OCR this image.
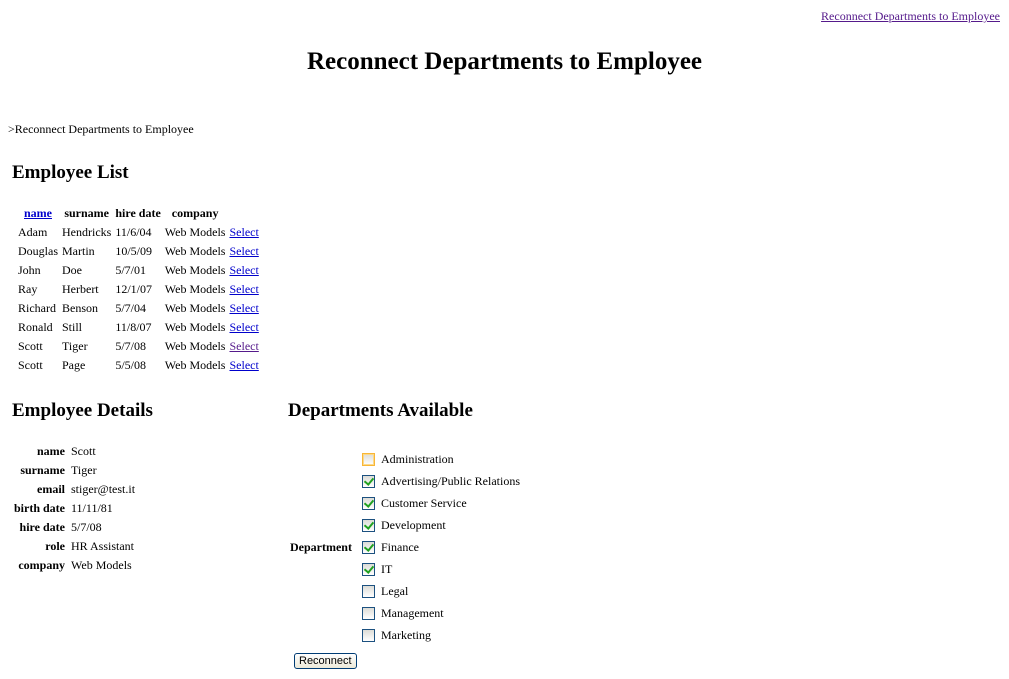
Reconnect Departments to Employee
Reconnect Departments to Employee
>Reconnect Departments to Employee
Employee List
name	surname	hire date	company	
Adam	Hendricks	11/6/04	Web Models	Select
Douglas	Martin	10/5/09	Web Models	Select
John	Doe	5/7/01	Web Models	Select
Ray	Herbert	12/1/07	Web Models	Select
Richard	Benson	5/7/04	Web Models	Select
Ronald	Still	11/8/07	Web Models	Select
Scott	Tiger	5/7/08	Web Models	Select
Scott	Page	5/5/08	Web Models	Select
Employee Details
name	Scott
surname	Tiger
email	stiger@test.it
birth date	11/11/81
hire date	5/7/08
role	HR Assistant
company	Web Models
Departments Available
Department
Administration
Advertising/Public Relations
Customer Service
Development
Finance
IT
Legal
Management
Marketing
Reconnect
